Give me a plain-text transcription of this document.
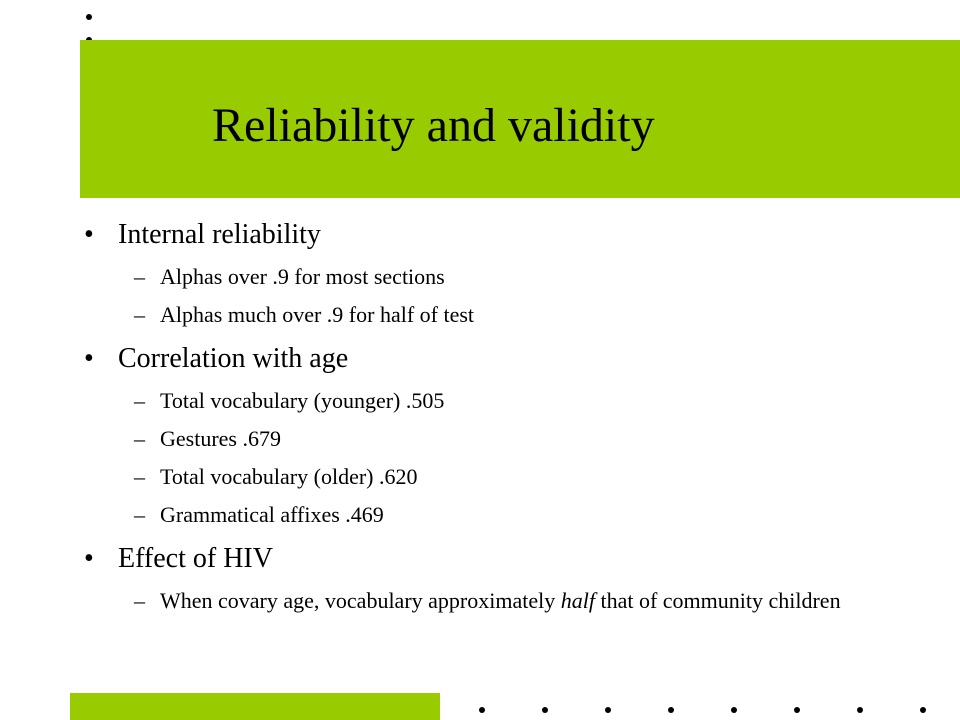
Reliability and validity
• Internal reliability
– Alphas over .9 for most sections
– Alphas much over .9 for half of test
• Correlation with age
– Total vocabulary (younger) .505
– Gestures .679
– Total vocabulary (older) .620
– Grammatical affixes .469
• Effect of HIV
– When covary age, vocabulary approximately half that of community children
